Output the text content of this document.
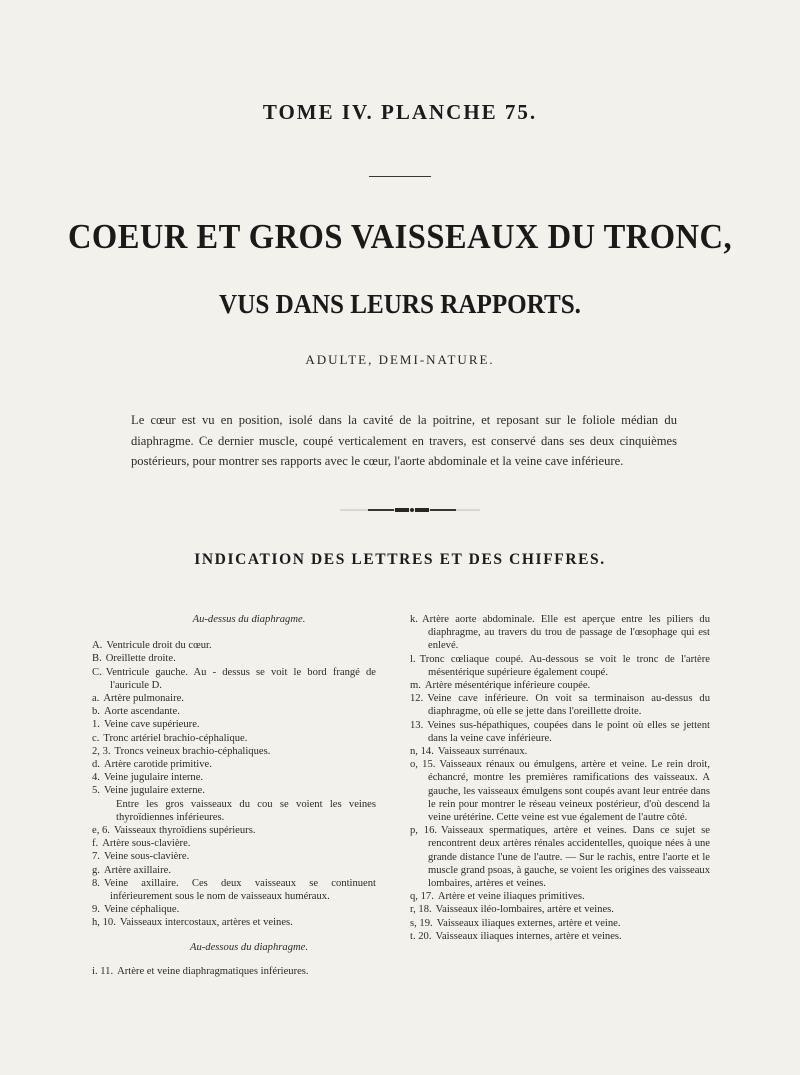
TOME IV. PLANCHE 75.
COEUR ET GROS VAISSEAUX DU TRONC,
VUS DANS LEURS RAPPORTS.
ADULTE, DEMI-NATURE.
Le cœur est vu en position, isolé dans la cavité de la poitrine, et reposant sur le foliole médian du diaphragme. Ce dernier muscle, coupé verticalement en travers, est conservé dans ses deux cinquièmes postérieurs, pour montrer ses rapports avec le cœur, l'aorte abdominale et la veine cave inférieure.
INDICATION DES LETTRES ET DES CHIFFRES.
Au-dessus du diaphragme.

A. Ventricule droit du cœur.

B. Oreillette droite.

C. Ventricule gauche. Au - dessus se voit le bord frangé de l'auricule D.

a. Artère pulmonaire.

b. Aorte ascendante.

1. Veine cave supérieure.

c. Tronc artériel brachio-céphalique.

2, 3. Troncs veineux brachio-céphaliques.

d. Artère carotide primitive.

4. Veine jugulaire interne.

5. Veine jugulaire externe.

Entre les gros vaisseaux du cou se voient les veines thyroïdiennes inférieures.

e, 6. Vaisseaux thyroïdiens supérieurs.

f. Artère sous-clavière.

7. Veine sous-clavière.

g. Artère axillaire.

8. Veine axillaire. Ces deux vaisseaux se continuent inférieurement sous le nom de vaisseaux huméraux.

9. Veine céphalique.

h, 10. Vaisseaux intercostaux, artères et veines.

Au-dessous du diaphragme.

i. 11. Artère et veine diaphragmatiques inférieures.

k. Artère aorte abdominale. Elle est aperçue entre les piliers du diaphragme, au travers du trou de passage de l'œsophage qui est enlevé.

l. Tronc cœliaque coupé. Au-dessous se voit le tronc de l'artère mésentérique supérieure également coupé.

m. Artère mésentérique inférieure coupée.

12. Veine cave inférieure. On voit sa terminaison au-dessus du diaphragme, où elle se jette dans l'oreillette droite.

13. Veines sus-hépathiques, coupées dans le point où elles se jettent dans la veine cave inférieure.

n, 14. Vaisseaux surrénaux.

o, 15. Vaisseaux rénaux ou émulgens, artère et veine. Le rein droit, échancré, montre les premières ramifications des vaisseaux. A gauche, les vaisseaux émulgens sont coupés avant leur entrée dans le rein pour montrer le réseau veineux postérieur, d'où descend la veine urétérine. Cette veine est vue également de l'autre côté.

p, 16. Vaisseaux spermatiques, artère et veines. Dans ce sujet se rencontrent deux artères rénales accidentelles, quoique nées à une grande distance l'une de l'autre. — Sur le rachis, entre l'aorte et le muscle grand psoas, à gauche, se voient les origines des vaisseaux lombaires, artères et veines.

q, 17. Artère et veine iliaques primitives.

r, 18. Vaisseaux iléo-lombaires, artère et veines.

s, 19. Vaisseaux iliaques externes, artère et veine.

t. 20. Vaisseaux iliaques internes, artère et veines.
